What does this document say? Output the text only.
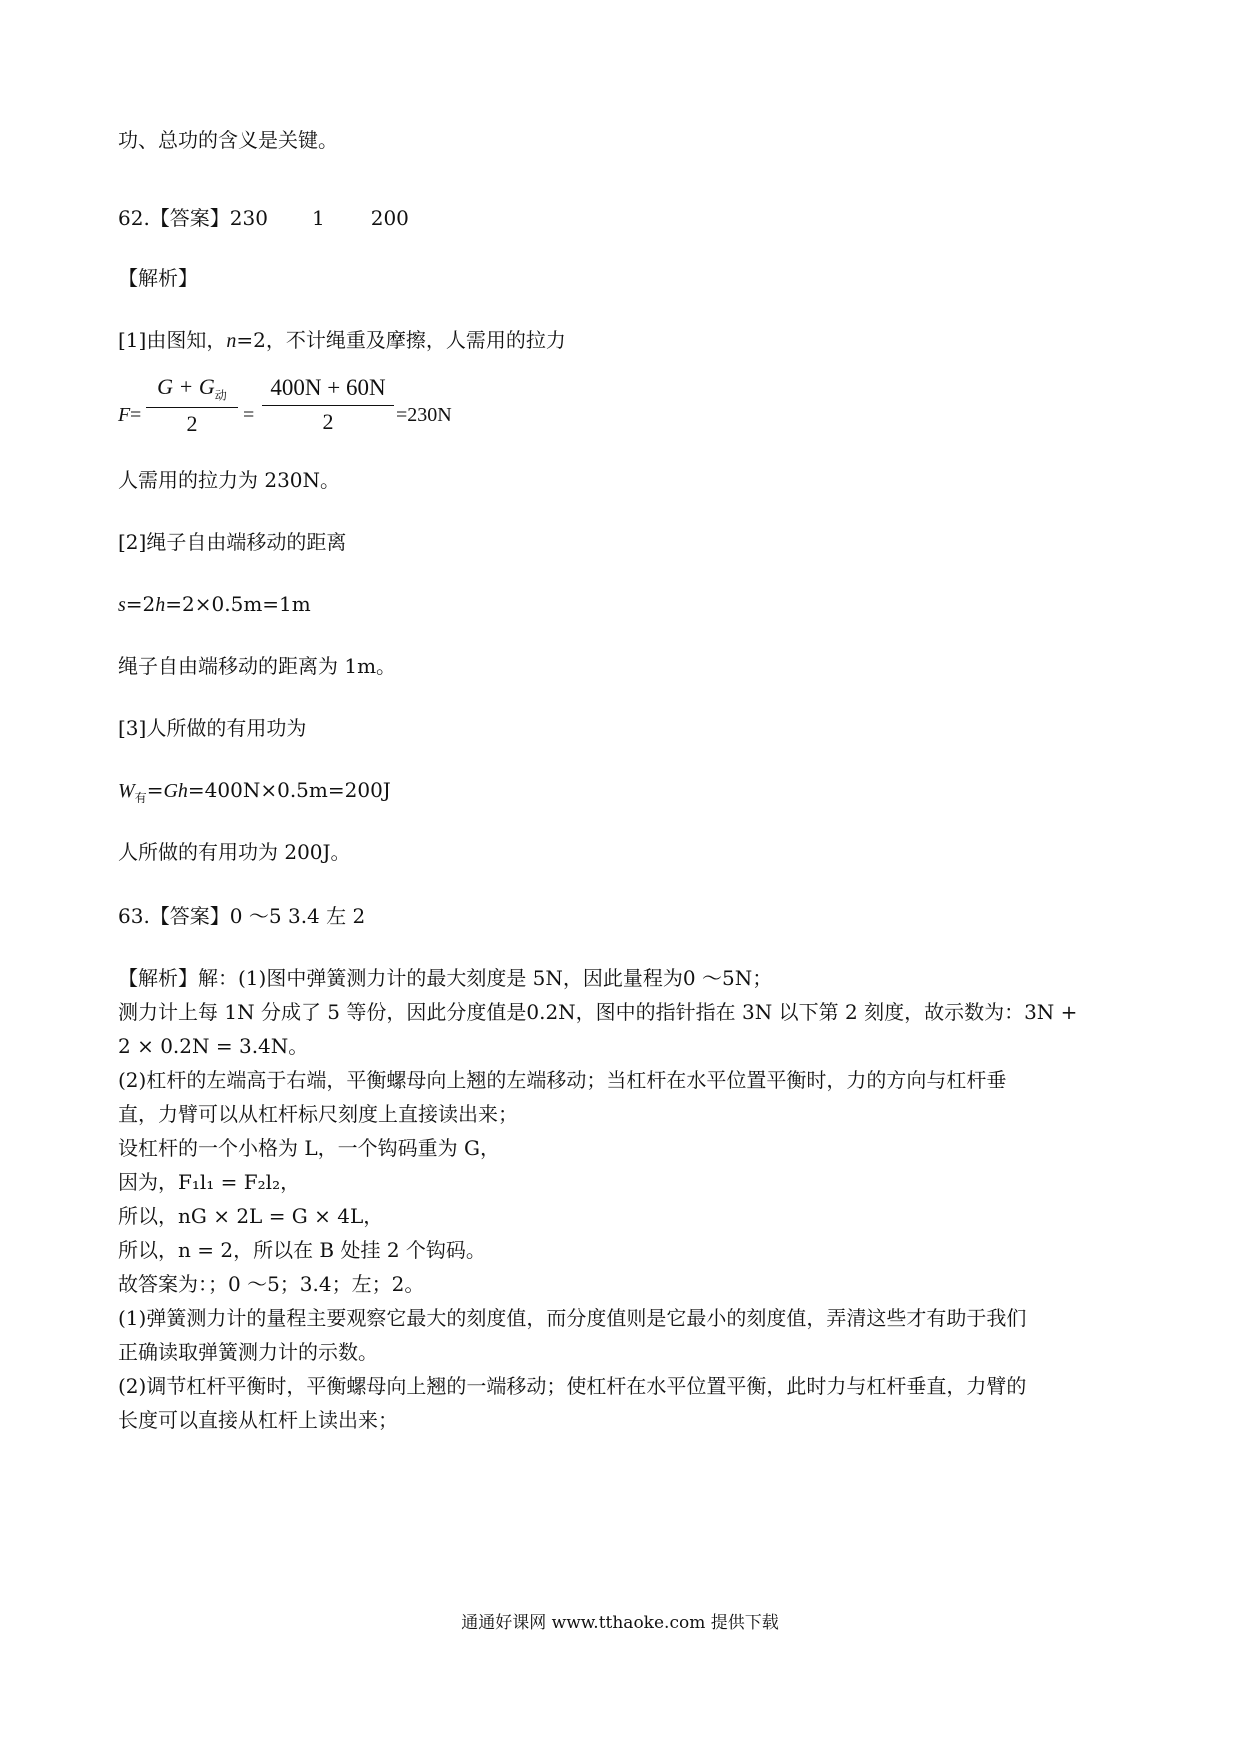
功、总功的含义是关键。
62.【答案】230 1 200
【解析】
[1]由图知，n=2，不计绳重及摩擦，人需用的拉力
F =
$G + G_动$
2	=
400N + 60N
2	=230N
人需用的拉力为 230N。
[2]绳子自由端移动的距离
s=2h=2×0.5m=1m
绳子自由端移动的距离为 1m。
[3]人所做的有用功为
$W_有=Gh=400N\times 0.5m=200J$
人所做的有用功为 200J。
63.【答案】0 ～5 3.4 左 2
【解析】解：(1)图中弹簧测力计的最大刻度是 5N，因此量程为0 ～5N；
测力计上每 1N 分成了 5 等份，因此分度值是0.2N，图中的指针指在 3N 以下第 2 刻度，故示数为：3N +
2 × 0.2N = 3.4N。
(2)杠杆的左端高于右端，平衡螺母向上翘的左端移动；当杠杆在水平位置平衡时，力的方向与杠杆垂
直，力臂可以从杠杆标尺刻度上直接读出来；
设杠杆的一个小格为 L，一个钩码重为 G，
因为，F₁l₁ = F₂l₂，
所以，nG × 2L = G × 4L，
所以，n = 2，所以在 B 处挂 2 个钩码。
故答案为：；0 ～5；3.4；左；2。
(1)弹簧测力计的量程主要观察它最大的刻度值，而分度值则是它最小的刻度值，弄清这些才有助于我们
正确读取弹簧测力计的示数。
(2)调节杠杆平衡时，平衡螺母向上翘的一端移动；使杠杆在水平位置平衡，此时力与杠杆垂直，力臂的
长度可以直接从杠杆上读出来；
通通好课网 www.tthaoke.com 提供下载
